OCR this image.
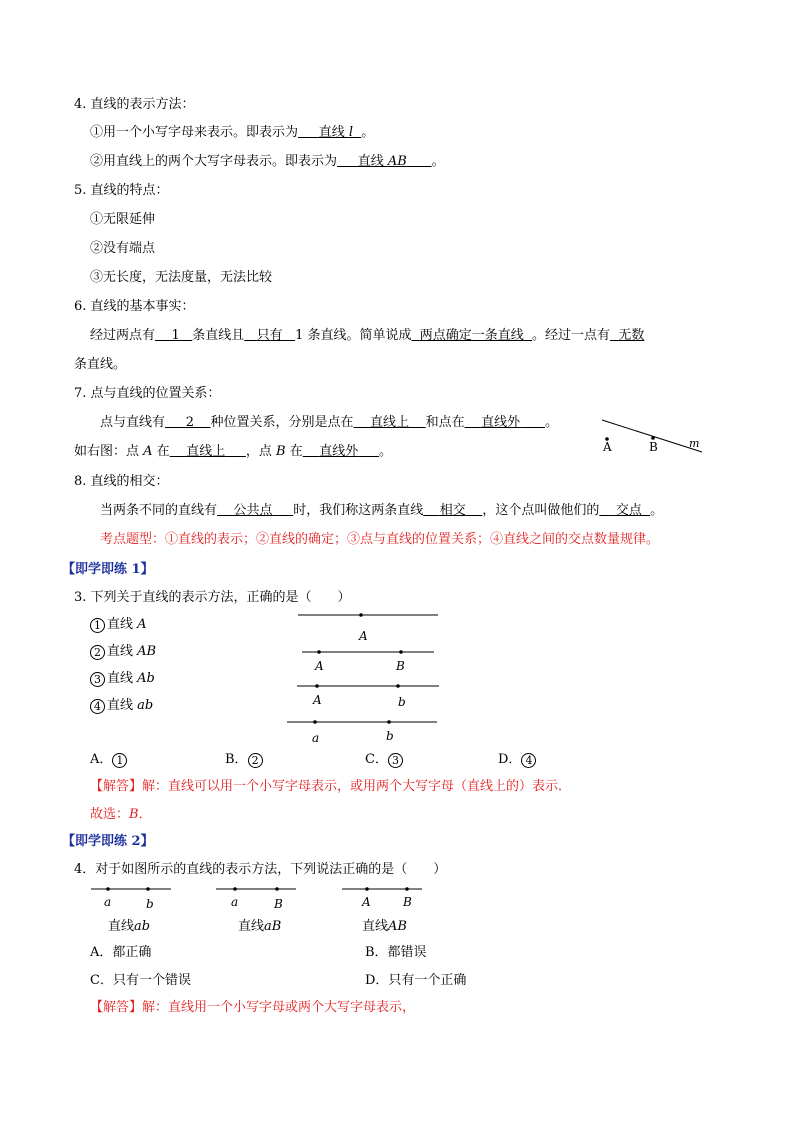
4. 直线的表示方法：
①用一个小写字母来表示。即表示为 直线 l 。
②用直线上的两个大写字母表示。即表示为 直线 AB 。
5. 直线的特点：
①无限延伸
②没有端点
③无长度，无法度量，无法比较
6. 直线的基本事实：
经过两点有 1 条直线且 只有 1 条直线。简单说成 两点确定一条直线 。经过一点有 无数
条直线。
7. 点与直线的位置关系：
点与直线有 2 种位置关系，分别是点在 直线上 和点在 直线外 。
如右图：点 A 在 直线上 ，点 B 在 直线外 。	A	B	m
8. 直线的相交：
当两条不同的直线有 公共点 时，我们称这两条直线 相交 ，这个点叫做他们的 交点 。
考点题型：①直线的表示；②直线的确定；③点与直线的位置关系；④直线之间的交点数量规律。
【即学即练 1】
3. 下列关于直线的表示方法，正确的是（　　）
1 直线 A
2 直线 AB
3 直线 Ab
4 直线 ab
A
A	B
A	b
a	b
A． 1	B． 2	C． 3	D． 4
【解答】解：直线可以用一个小写字母表示，或用两个大写字母（直线上的）表示．
故选：B．
【即学即练 2】
4．对于如图所示的直线的表示方法，下列说法正确的是（　　）
a	b
直线ab
a	B
直线aB
A	B
直线AB
A．都正确	B．都错误
C．只有一个错误	D．只有一个正确
【解答】解：直线用一个小写字母或两个大写字母表示，
